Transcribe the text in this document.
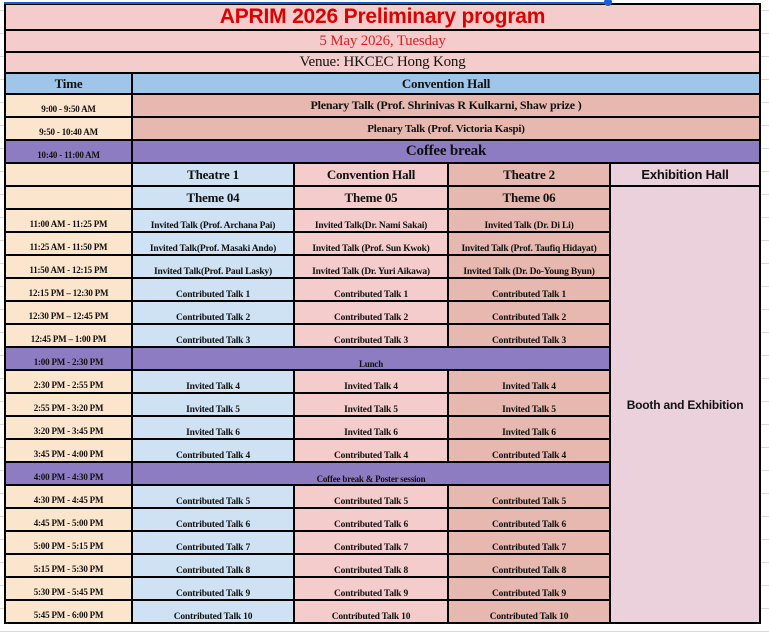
APRIM 2026 Preliminary program				
5 May 2026, Tuesday				
Venue: HKCEC Hong Kong				
Time	Convention Hall			
9:00 - 9:50 AM	Plenary Talk (Prof. Shrinivas R Kulkarni, Shaw prize )			
9:50 - 10:40 AM	Plenary Talk (Prof. Victoria Kaspi)			
10:40 - 11:00 AM	Coffee break			
	Theatre 1	Convention Hall	Theatre 2	Exhibition Hall
	Theme 04	Theme 05	Theme 06	Booth and Exhibition
11:00 AM - 11:25 PM	Invited Talk (Prof. Archana Pai)	Invited Talk(Dr. Nami Sakai)	Invited Talk (Dr. Di Li)	
11:25 AM - 11:50 PM	Invited Talk(Prof. Masaki Ando)	Invited Talk (Prof. Sun Kwok)	Invited Talk (Prof. Taufiq Hidayat)	
11:50 AM - 12:15 PM	Invited Talk(Prof. Paul Lasky)	Invited Talk (Dr. Yuri Aikawa)	Invited Talk (Dr. Do-Young Byun)	
12:15 PM – 12:30 PM	Contributed Talk 1	Contributed Talk 1	Contributed Talk 1	
12:30 PM – 12:45 PM	Contributed Talk 2	Contributed Talk 2	Contributed Talk 2	
12:45 PM – 1:00 PM	Contributed Talk 3	Contributed Talk 3	Contributed Talk 3	
1:00 PM - 2:30 PM	Lunch			
2:30 PM - 2:55 PM	Invited Talk 4	Invited Talk 4	Invited Talk 4	
2:55 PM - 3:20 PM	Invited Talk 5	Invited Talk 5	Invited Talk 5	
3:20 PM - 3:45 PM	Invited Talk 6	Invited Talk 6	Invited Talk 6	
3:45 PM - 4:00 PM	Contributed Talk 4	Contributed Talk 4	Contributed Talk 4	
4:00 PM - 4:30 PM	Coffee break & Poster session			
4:30 PM - 4:45 PM	Contributed Talk 5	Contributed Talk 5	Contributed Talk 5	
4:45 PM - 5:00 PM	Contributed Talk 6	Contributed Talk 6	Contributed Talk 6	
5:00 PM - 5:15 PM	Contributed Talk 7	Contributed Talk 7	Contributed Talk 7	
5:15 PM - 5:30 PM	Contributed Talk 8	Contributed Talk 8	Contributed Talk 8	
5:30 PM - 5:45 PM	Contributed Talk 9	Contributed Talk 9	Contributed Talk 9	
5:45 PM - 6:00 PM	Contributed Talk 10	Contributed Talk 10	Contributed Talk 10	
